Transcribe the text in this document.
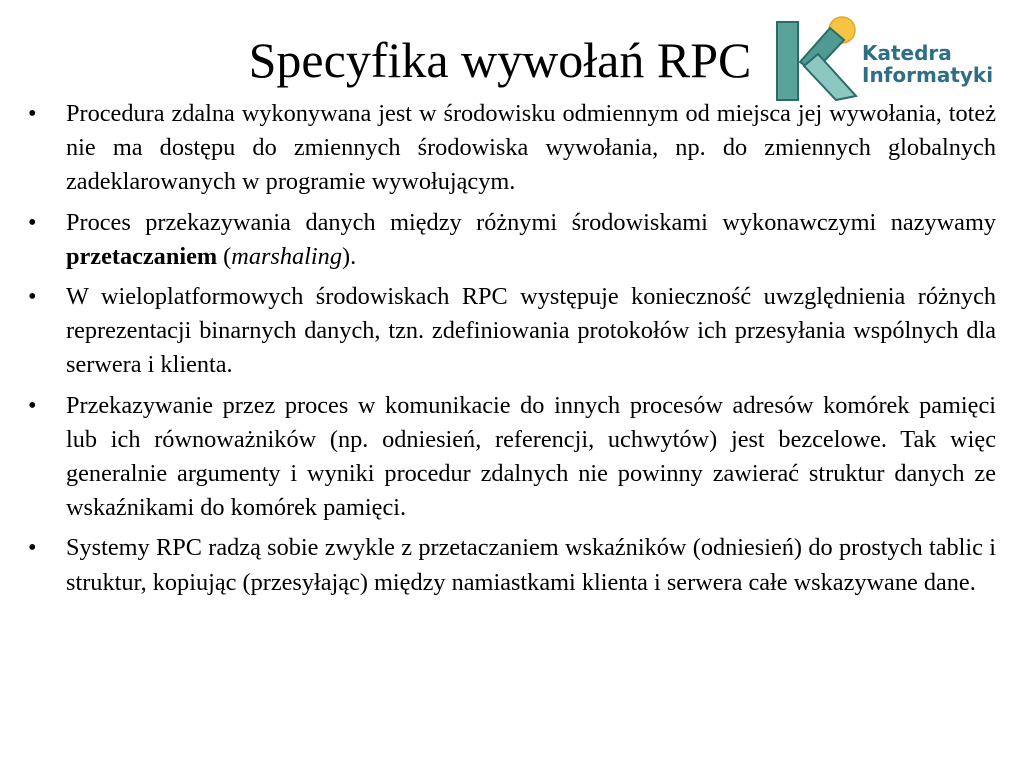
Specyfika wywołań RPC	Katedra
Informatyki
• Procedura zdalna wykonywana jest w środowisku odmiennym od miejsca jej wywołania, toteż nie ma dostępu do zmiennych środowiska wywołania, np. do zmiennych globalnych zadeklarowanych w programie wywołującym.
• Proces przekazywania danych między różnymi środowiskami wykonawczymi nazywamy przetaczaniem (marshaling).
• W wieloplatformowych środowiskach RPC występuje konieczność uwzględnienia różnych reprezentacji binarnych danych, tzn. zdefiniowania protokołów ich przesyłania wspólnych dla serwera i klienta.
• Przekazywanie przez proces w komunikacie do innych procesów adresów komórek pamięci lub ich równoważników (np. odniesień, referencji, uchwytów) jest bezcelowe. Tak więc generalnie argumenty i wyniki procedur zdalnych nie powinny zawierać struktur danych ze wskaźnikami do komórek pamięci.
• Systemy RPC radzą sobie zwykle z przetaczaniem wskaźników (odniesień) do prostych tablic i struktur, kopiując (przesyłając) między namiastkami klienta i serwera całe wskazywane dane.
